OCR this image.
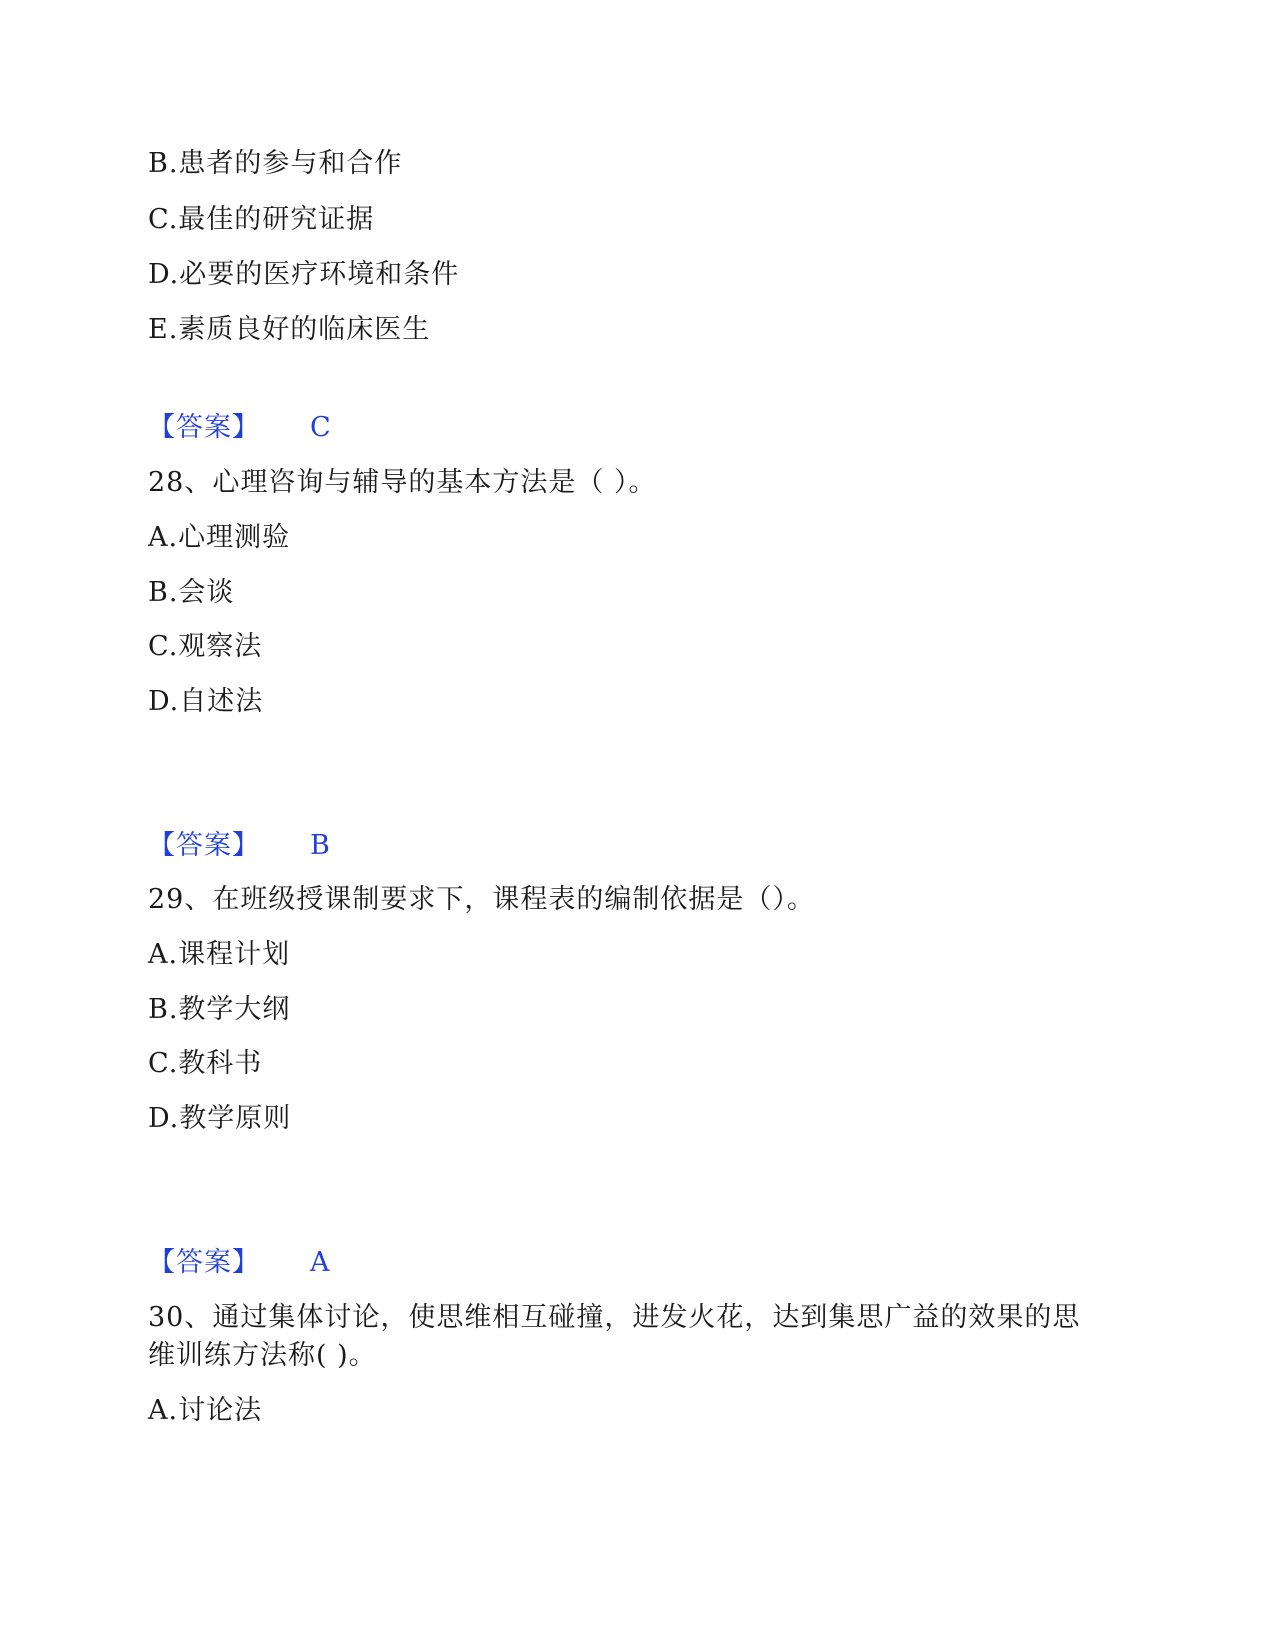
B.患者的参与和合作
C.最佳的研究证据
D.必要的医疗环境和条件
E.素质良好的临床医生
【答案】 C
28、心理咨询与辅导的基本方法是（ ）。
A.心理测验
B.会谈
C.观察法
D.自述法
【答案】 B
29、在班级授课制要求下，课程表的编制依据是（）。
A.课程计划
B.教学大纲
C.教科书
D.教学原则
【答案】 A
30、通过集体讨论，使思维相互碰撞，进发火花，达到集思广益的效果的思
维训练方法称( )。
A.讨论法
